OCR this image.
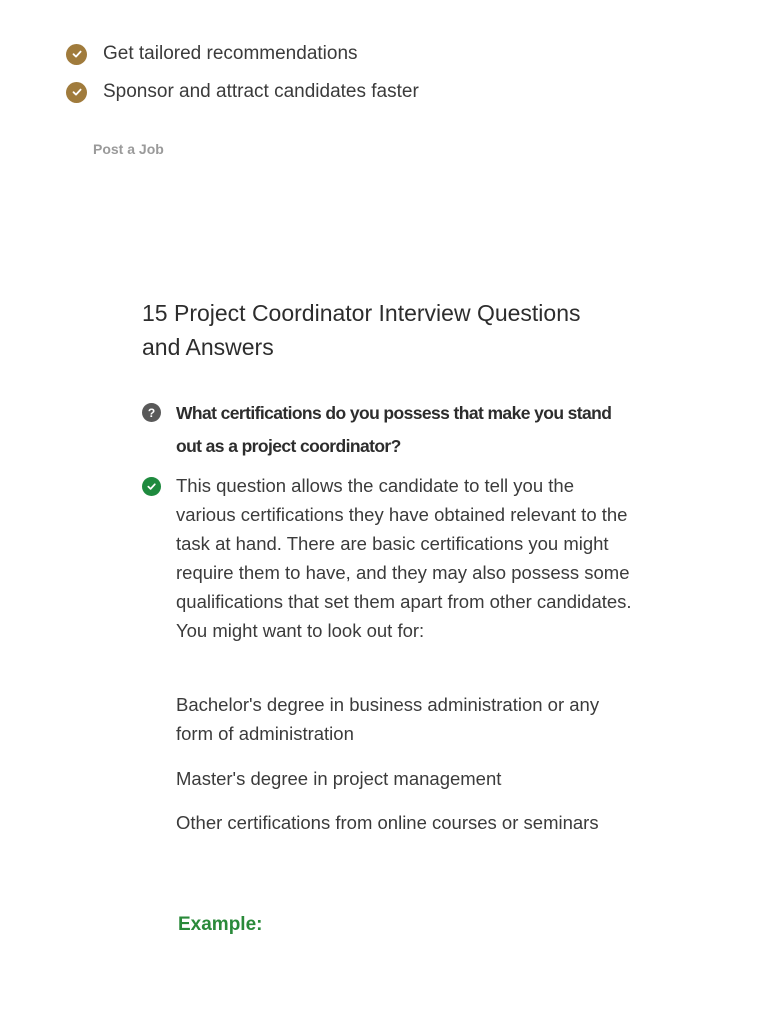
Get tailored recommendations
Sponsor and attract candidates faster
Post a Job
15 Project Coordinator Interview Questions and Answers
?	What certifications do you possess that make you stand out as a project coordinator?

This question allows the candidate to tell you the various certifications they have obtained relevant to the task at hand. There are basic certifications you might require them to have, and they may also possess some qualifications that set them apart from other candidates. You might want to look out for:

Bachelor's degree in business administration or any form of administration

Master's degree in project management

Other certifications from online courses or seminars

Example:
